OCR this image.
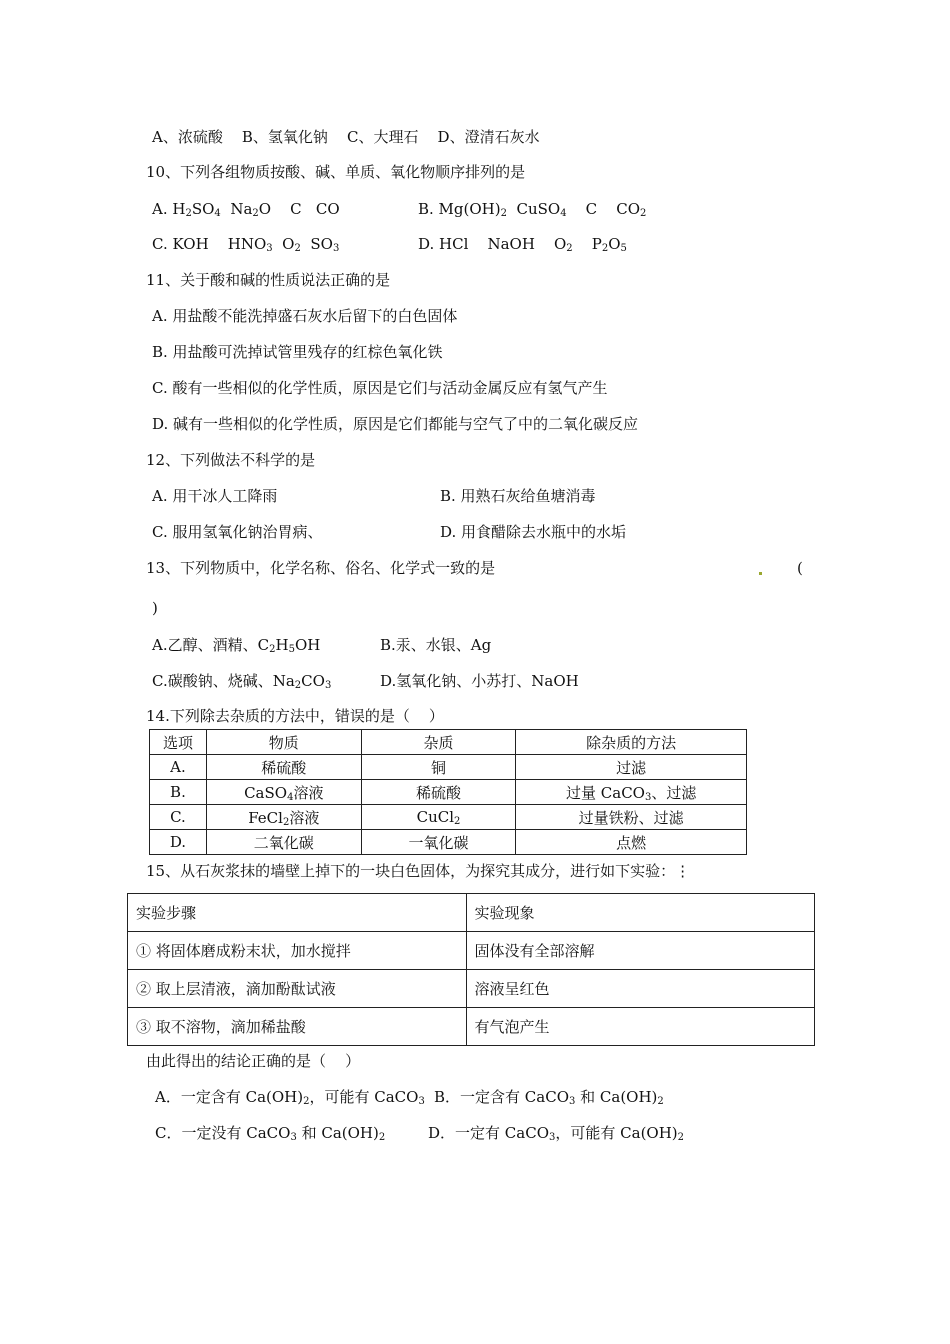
A、浓硫酸    B、氢氧化钠    C、大理石    D、澄清石灰水
10、下列各组物质按酸、碱、单质、氧化物顺序排列的是
A. $H_2SO_4$  $Na_2O$    C   CO	B. $Mg(OH)_2$  CuSO$_4$    C    $CO_2$
C. KOH    $HNO_3$  $O_2$  $SO_3$	D. HCl    NaOH    $O_2$    $P_2O_5$
11、关于酸和碱的性质说法正确的是
A. 用盐酸不能洗掉盛石灰水后留下的白色固体
B. 用盐酸可洗掉试管里残存的红棕色氧化铁
C. 酸有一些相似的化学性质，原因是它们与活动金属反应有氢气产生
D. 碱有一些相似的化学性质，原因是它们都能与空气了中的二氧化碳反应
12、下列做法不科学的是
A. 用干冰人工降雨	B. 用熟石灰给鱼塘消毒
C. 服用氢氧化钠治胃病、	D. 用食醋除去水瓶中的水垢
13、下列物质中，化学名称、俗名、化学式一致的是	(
)
A.乙醇、酒精、$C_2H_5OH$	B.汞、水银、Ag
C.碳酸钠、烧碱、$Na_2CO_3$	D.氢氧化钠、小苏打、NaOH
14.下列除去杂质的方法中，错误的是（    ）
选项	物质	杂质	除杂质的方法
A.	稀硫酸	铜	过滤
B.	CaSO$_4$溶液	稀硫酸	过量 CaCO$_3$、过滤
C.	FeCl$_2$溶液	CuCl$_2$	过量铁粉、过滤
D.	二氧化碳	一氧化碳	点燃
15、从石灰浆抹的墙壁上掉下的一块白色固体，为探究其成分，进行如下实验：⋮
实验步骤	实验现象
① 将固体磨成粉末状，加水搅拌	固体没有全部溶解
② 取上层清液，滴加酚酞试液	溶液呈红色
③ 取不溶物，滴加稀盐酸	有气泡产生
由此得出的结论正确的是（    ）
A．一定含有 $Ca(OH)_2$，可能有 CaCO$_3$ B．一定含有 CaCO$_3$ 和 $Ca(OH)_2$
C．一定没有 CaCO$_3$ 和 $Ca(OH)_2$	D．一定有 CaCO$_3$，可能有 $Ca(OH)_2$
